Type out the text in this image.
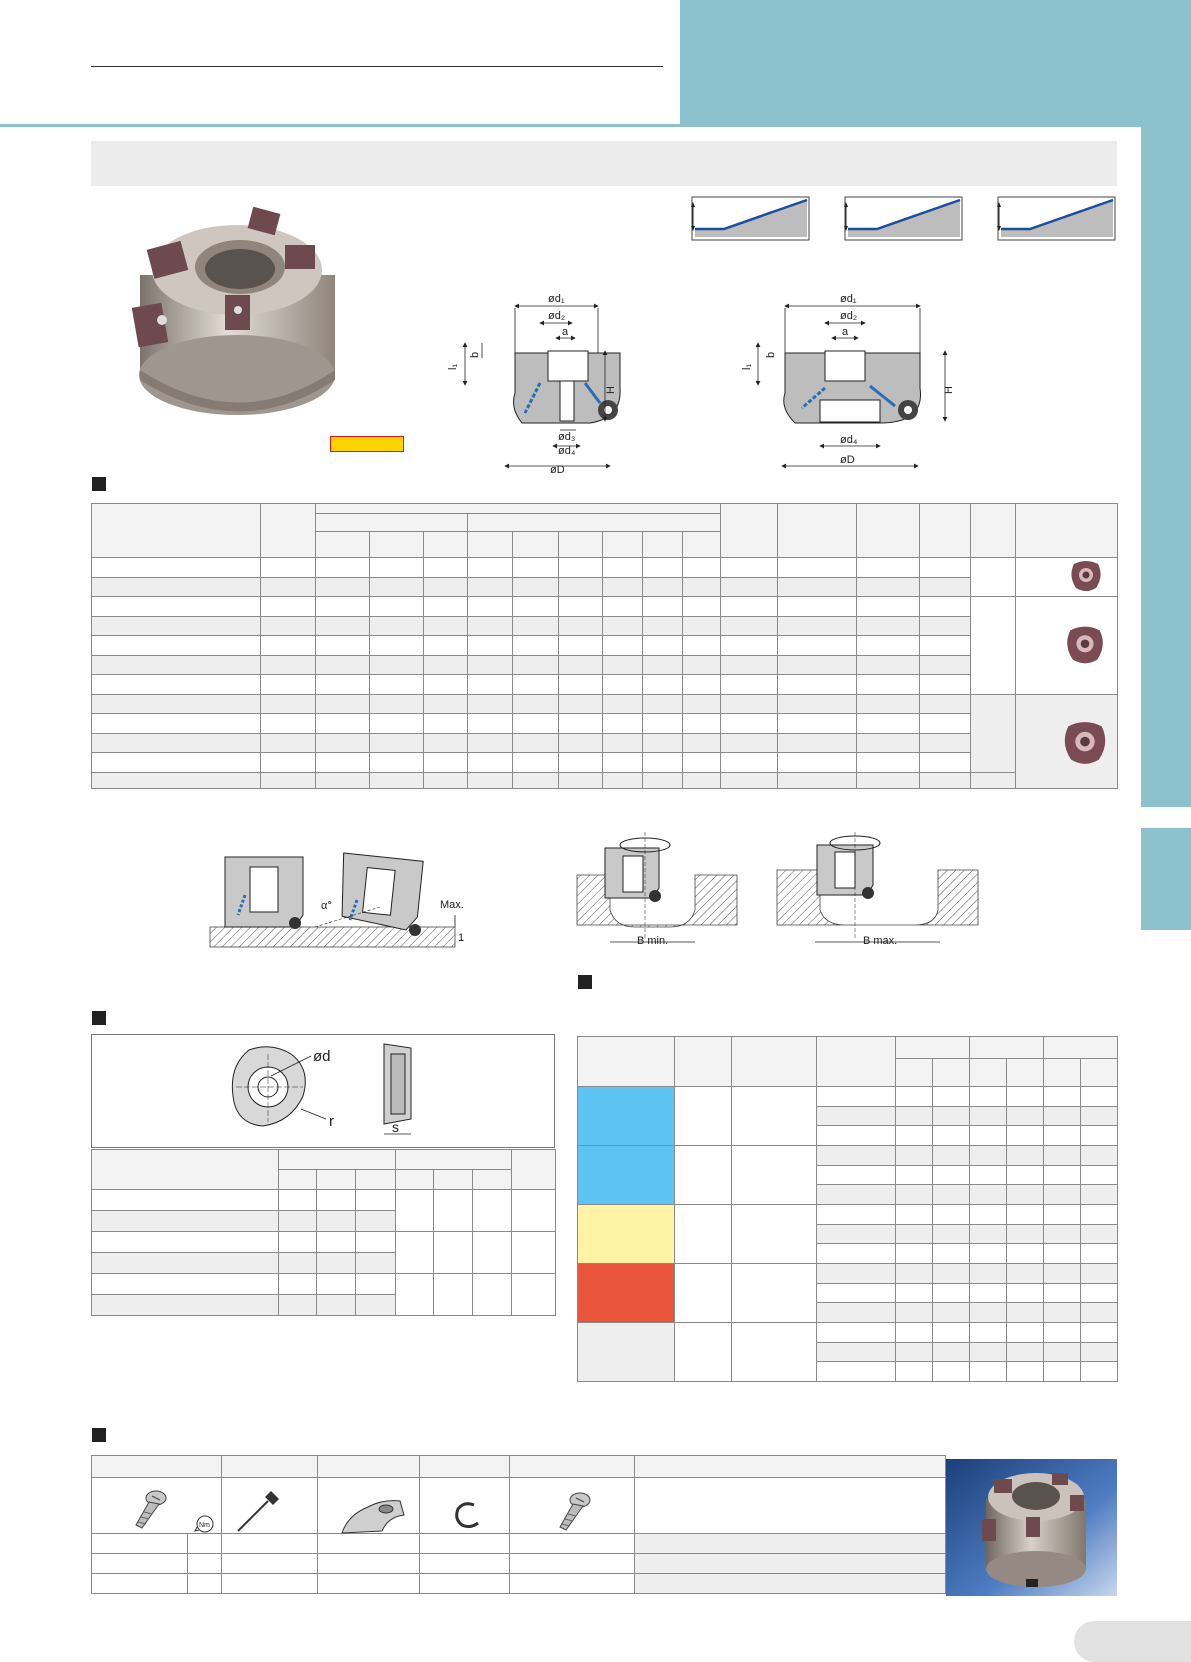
ød₁
ød₂
a
l₁
b
H
ød₃
ød₄
øD
ød₁
ød₂
a
l₁
b
H
ød₄
øD

α°	Max.
1	B min.	B max.
ød
r	s

Nm
